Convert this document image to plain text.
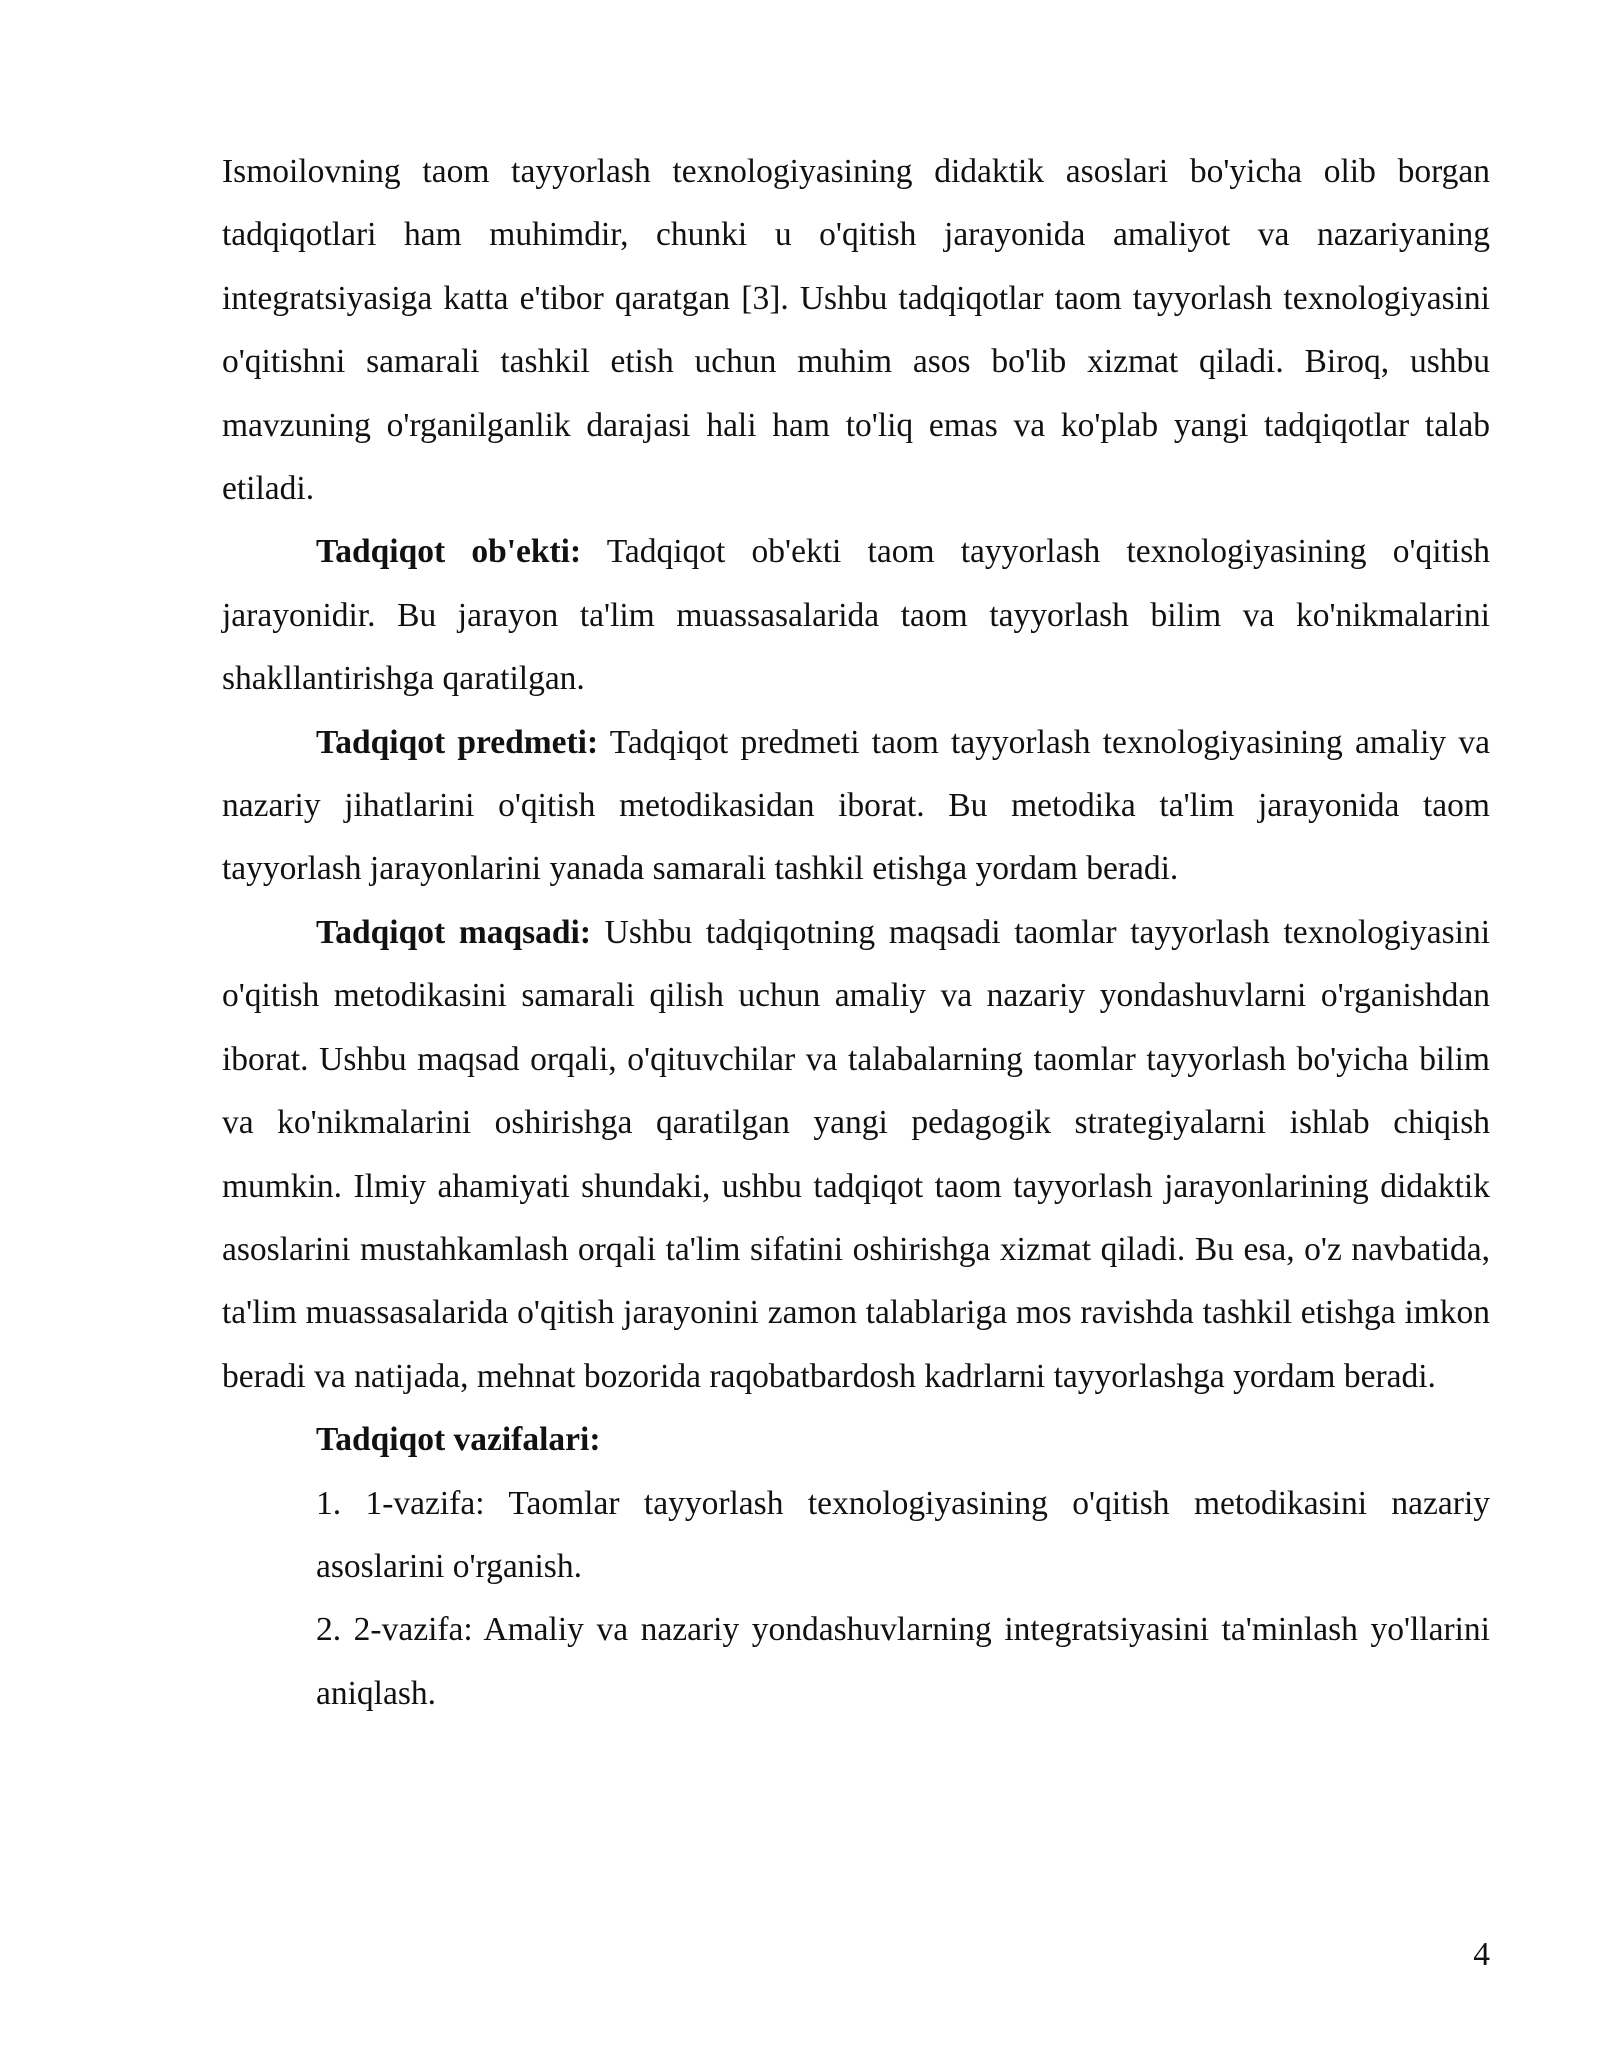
Ismoilovning taom tayyorlash texnologiyasining didaktik asoslari bo'yicha olib borgan tadqiqotlari ham muhimdir, chunki u o'qitish jarayonida amaliyot va nazariyaning integratsiyasiga katta e'tibor qaratgan [3]. Ushbu tadqiqotlar taom tayyorlash texnologiyasini o'qitishni samarali tashkil etish uchun muhim asos bo'lib xizmat qiladi. Biroq, ushbu mavzuning o'rganilganlik darajasi hali ham to'liq emas va ko'plab yangi tadqiqotlar talab etiladi.

Tadqiqot ob'ekti: Tadqiqot ob'ekti taom tayyorlash texnologiyasining o'qitish jarayonidir. Bu jarayon ta'lim muassasalarida taom tayyorlash bilim va ko'nikmalarini shakllantirishga qaratilgan.

Tadqiqot predmeti: Tadqiqot predmeti taom tayyorlash texnologiyasining amaliy va nazariy jihatlarini o'qitish metodikasidan iborat. Bu metodika ta'lim jarayonida taom tayyorlash jarayonlarini yanada samarali tashkil etishga yordam beradi.

Tadqiqot maqsadi: Ushbu tadqiqotning maqsadi taomlar tayyorlash texnologiyasini o'qitish metodikasini samarali qilish uchun amaliy va nazariy yondashuvlarni o'rganishdan iborat. Ushbu maqsad orqali, o'qituvchilar va talabalarning taomlar tayyorlash bo'yicha bilim va ko'nikmalarini oshirishga qaratilgan yangi pedagogik strategiyalarni ishlab chiqish mumkin. Ilmiy ahamiyati shundaki, ushbu tadqiqot taom tayyorlash jarayonlarining didaktik asoslarini mustahkamlash orqali ta'lim sifatini oshirishga xizmat qiladi. Bu esa, o'z navbatida, ta'lim muassasalarida o'qitish jarayonini zamon talablariga mos ravishda tashkil etishga imkon beradi va natijada, mehnat bozorida raqobatbardosh kadrlarni tayyorlashga yordam beradi.

Tadqiqot vazifalari:

1. 1-vazifa: Taomlar tayyorlash texnologiyasining o'qitish metodikasini nazariy asoslarini o'rganish.

2. 2-vazifa: Amaliy va nazariy yondashuvlarning integratsiyasini ta'minlash yo'llarini aniqlash.

4
